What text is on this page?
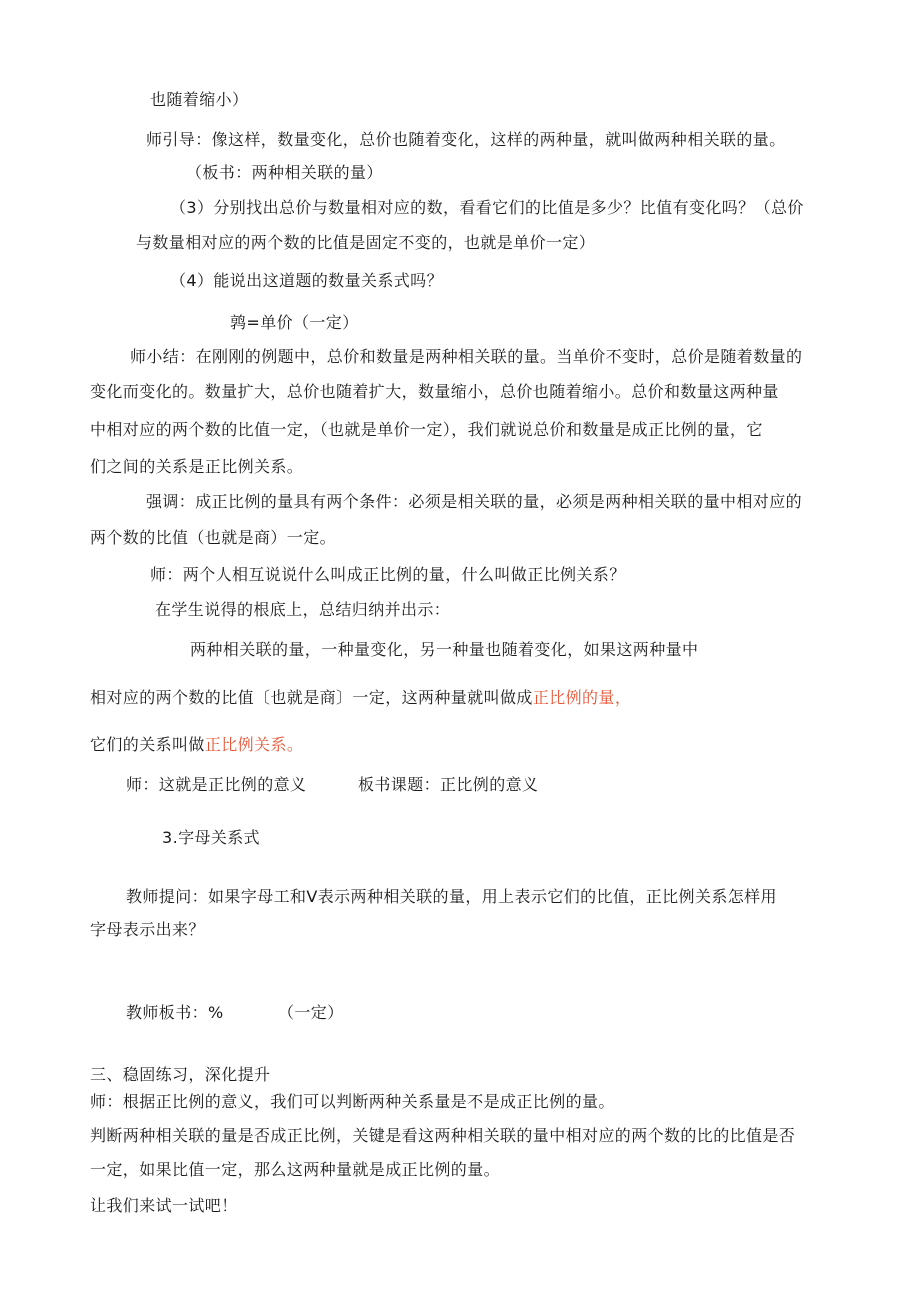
也随着缩小）
师引导：像这样，数量变化，总价也随着变化，这样的两种量，就叫做两种相关联的量。
（板书：两种相关联的量）
（3）分别找出总价与数量相对应的数，看看它们的比值是多少？比值有变化吗？（总价
与数量相对应的两个数的比值是固定不变的，也就是单价一定）
（4）能说出这道题的数量关系式吗？
鹑=单价（一定）
师小结：在刚刚的例题中，总价和数量是两种相关联的量。当单价不变时，总价是随着数量的
变化而变化的。数量扩大，总价也随着扩大，数量缩小，总价也随着缩小。总价和数量这两种量
中相对应的两个数的比值一定，（也就是单价一定），我们就说总价和数量是成正比例的量，它
们之间的关系是正比例关系。
强调：成正比例的量具有两个条件：必须是相关联的量，必须是两种相关联的量中相对应的
两个数的比值（也就是商）一定。
师：两个人相互说说什么叫成正比例的量，什么叫做正比例关系？
在学生说得的根底上，总结归纳并出示：
两种相关联的量，一种量变化，另一种量也随着变化，如果这两种量中
相对应的两个数的比值〔也就是商〕一定，这两种量就叫做成正比例的量，
它们的关系叫做正比例关系。
师：这就是正比例的意义	板书课题：正比例的意义
3.字母关系式
教师提问：如果字母工和V表示两种相关联的量，用上表示它们的比值，正比例关系怎样用
字母表示出来？
教师板书：%	（一定）
三、稳固练习，深化提升
师：根据正比例的意义，我们可以判断两种关系量是不是成正比例的量。
判断两种相关联的量是否成正比例，关键是看这两种相关联的量中相对应的两个数的比的比值是否
一定，如果比值一定，那么这两种量就是成正比例的量。
让我们来试一试吧！
